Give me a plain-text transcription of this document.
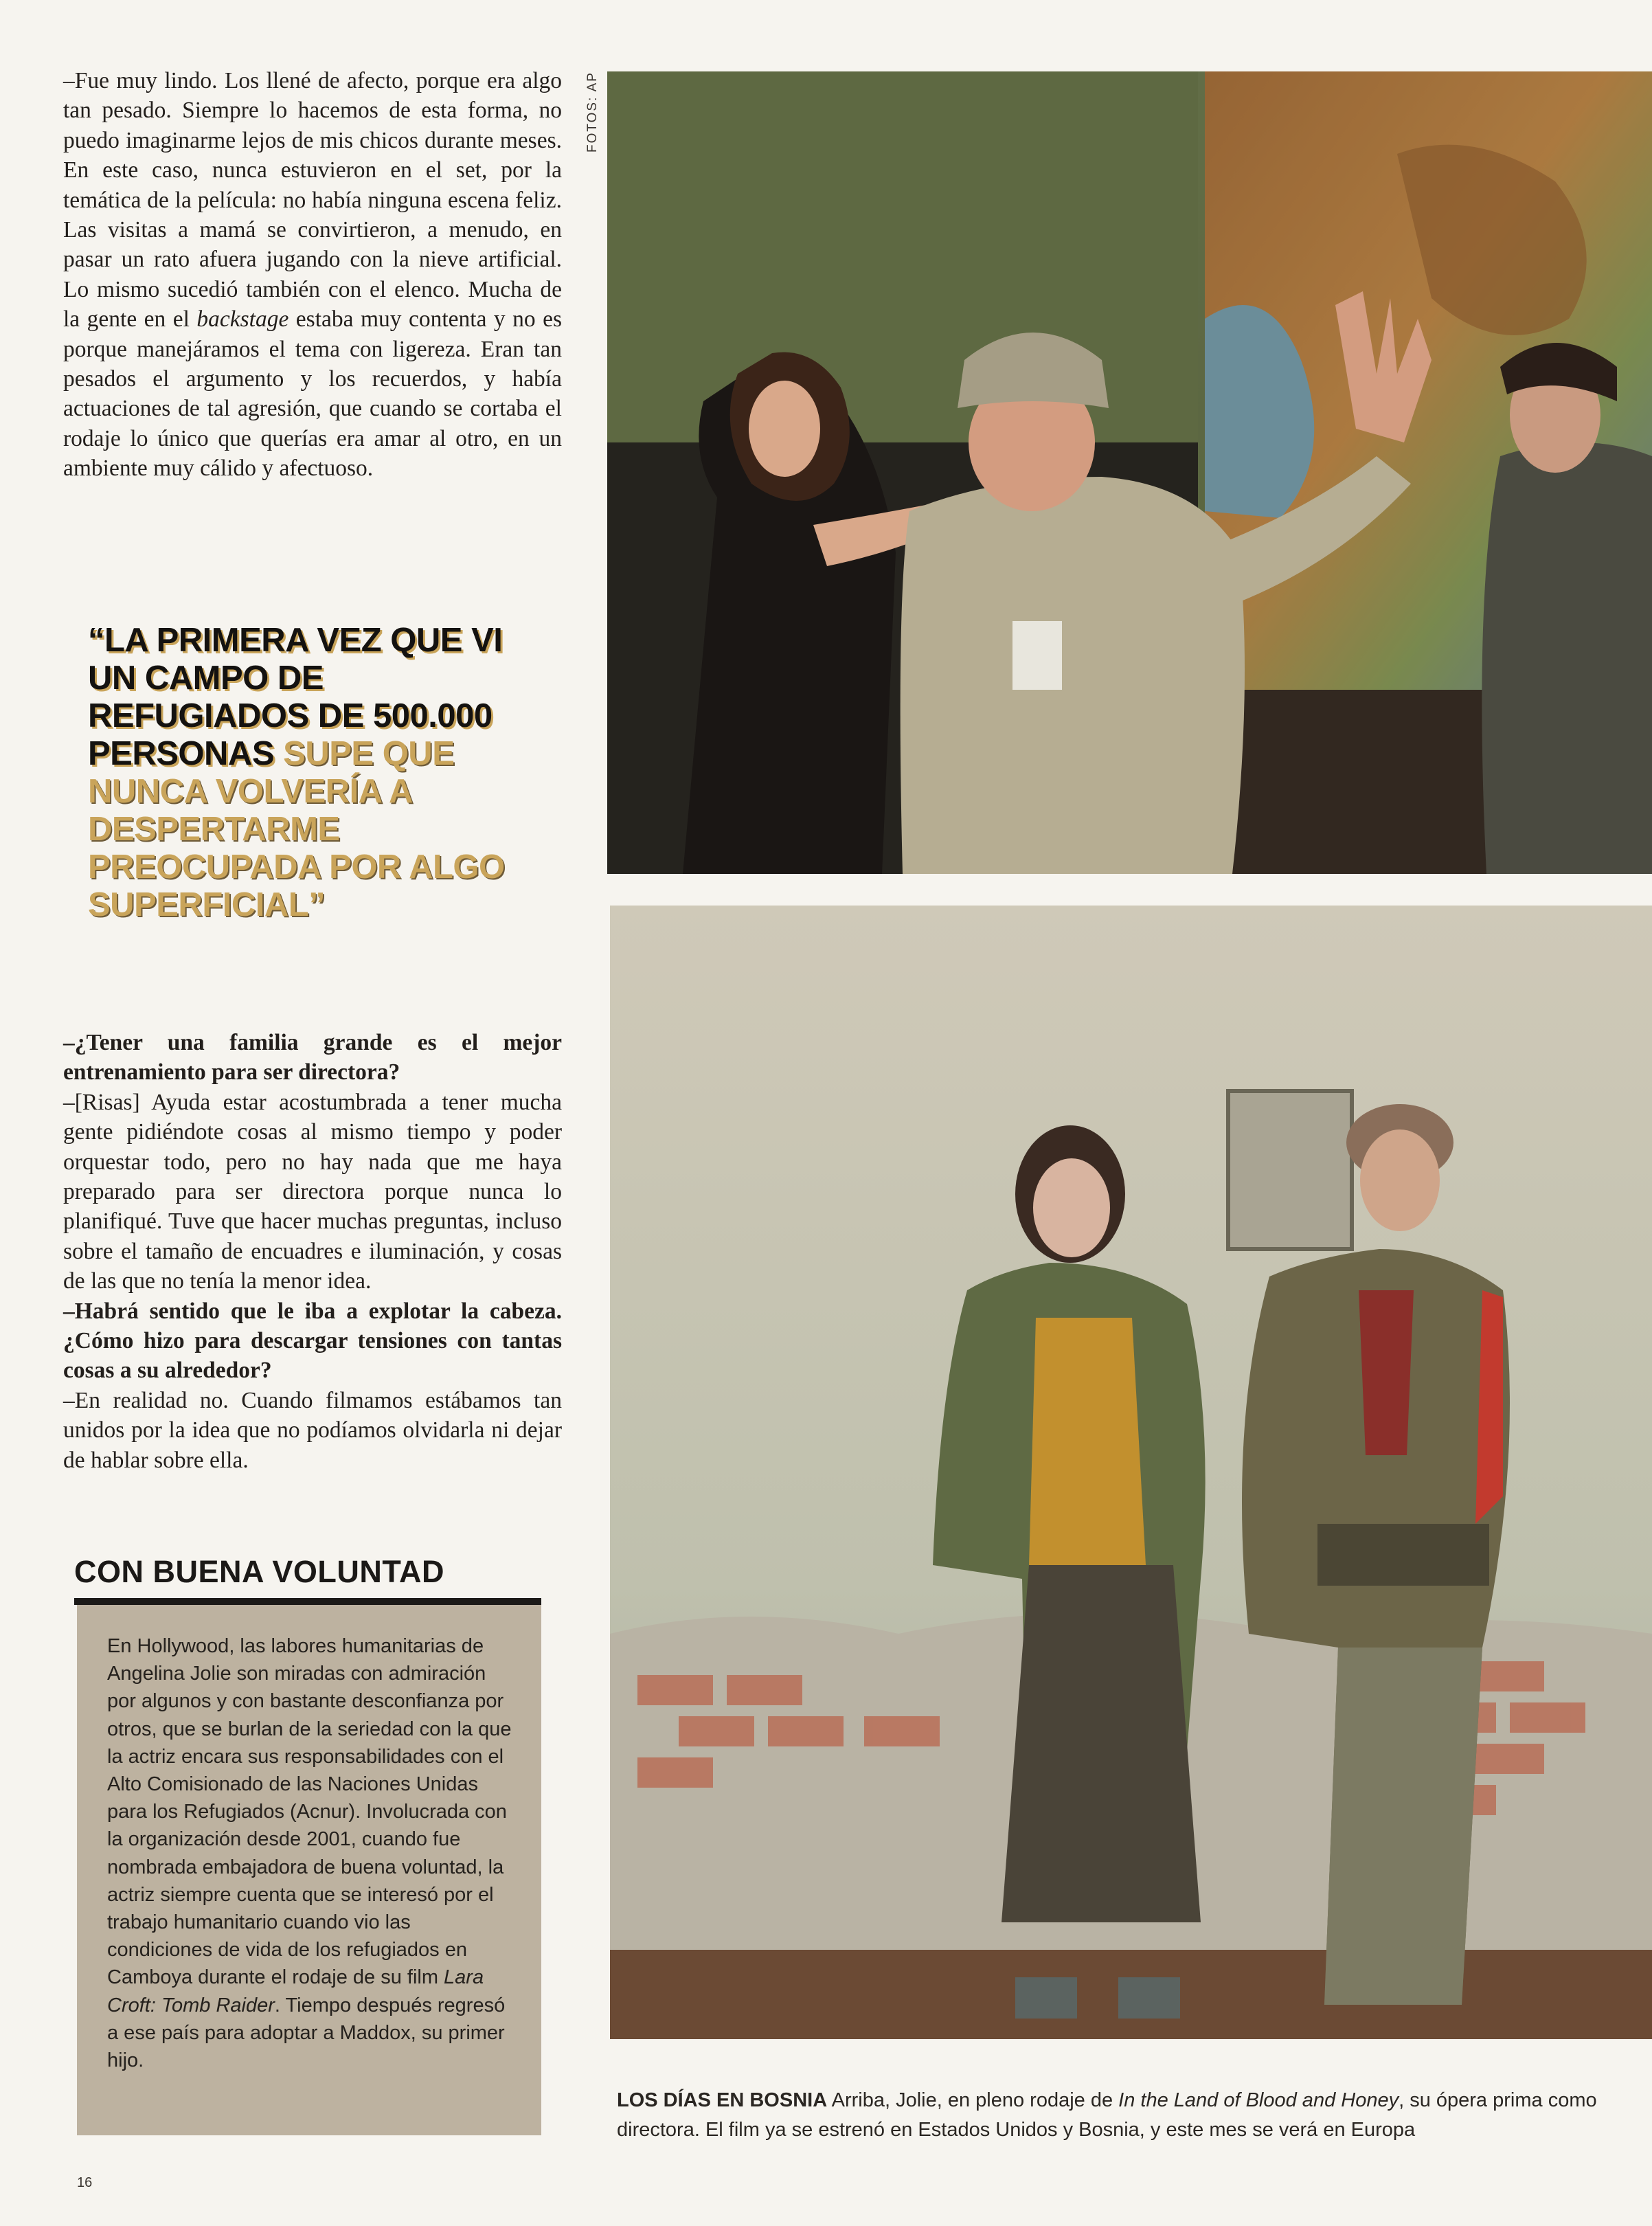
–Fue muy lindo. Los llené de afecto, porque era algo tan pesado. Siempre lo hacemos de esta forma, no puedo imaginarme lejos de mis chicos durante meses. En este caso, nunca estuvieron en el set, por la temática de la película: no había ninguna escena feliz. Las visitas a mamá se convirtieron, a menudo, en pasar un rato afuera jugando con la nieve artificial. Lo mismo sucedió también con el elenco. Mucha de la gente en el backstage estaba muy contenta y no es porque manejáramos el tema con ligereza. Eran tan pesados el argumento y los recuerdos, y había actuaciones de tal agresión, que cuando se cortaba el rodaje lo único que querías era amar al otro, en un ambiente muy cálido y afectuoso.

“LA PRIMERA VEZ QUE VI UN CAMPO DE REFUGIADOS DE 500.000 PERSONAS SUPE QUE NUNCA VOLVERÍA A DESPERTARME PREOCUPADA POR ALGO SUPERFICIAL”

–¿Tener una familia grande es el mejor entrenamiento para ser directora?

–[Risas] Ayuda estar acostumbrada a tener mucha gente pidiéndote cosas al mismo tiempo y poder orquestar todo, pero no hay nada que me haya preparado para ser directora porque nunca lo planifiqué. Tuve que hacer muchas preguntas, incluso sobre el tamaño de encuadres e iluminación, y cosas de las que no tenía la menor idea.

–Habrá sentido que le iba a explotar la cabeza. ¿Cómo hizo para descargar tensiones con tantas cosas a su alrededor?

–En realidad no. Cuando filmamos estábamos tan unidos por la idea que no podíamos olvidarla ni dejar de hablar sobre ella.

CON BUENA VOLUNTAD
En Hollywood, las labores humanitarias de Angelina Jolie son miradas con admiración por algunos y con bastante desconfianza por otros, que se burlan de la seriedad con la que la actriz encara sus responsabilidades con el Alto Comisionado de las Naciones Unidas para los Refugiados (Acnur). Involucrada con la organización desde 2001, cuando fue nombrada embajadora de buena voluntad, la actriz siempre cuenta que se interesó por el trabajo humanitario cuando vio las condiciones de vida de los refugiados en Camboya durante el rodaje de su film Lara Croft: Tomb Raider. Tiempo después regresó a ese país para adoptar a Maddox, su primer hijo.
FOTOS: AP
LOS DÍAS EN BOSNIA Arriba, Jolie, en pleno rodaje de In the Land of Blood and Honey, su ópera prima como directora. El film ya se estrenó en Estados Unidos y Bosnia, y este mes se verá en Europa
16
